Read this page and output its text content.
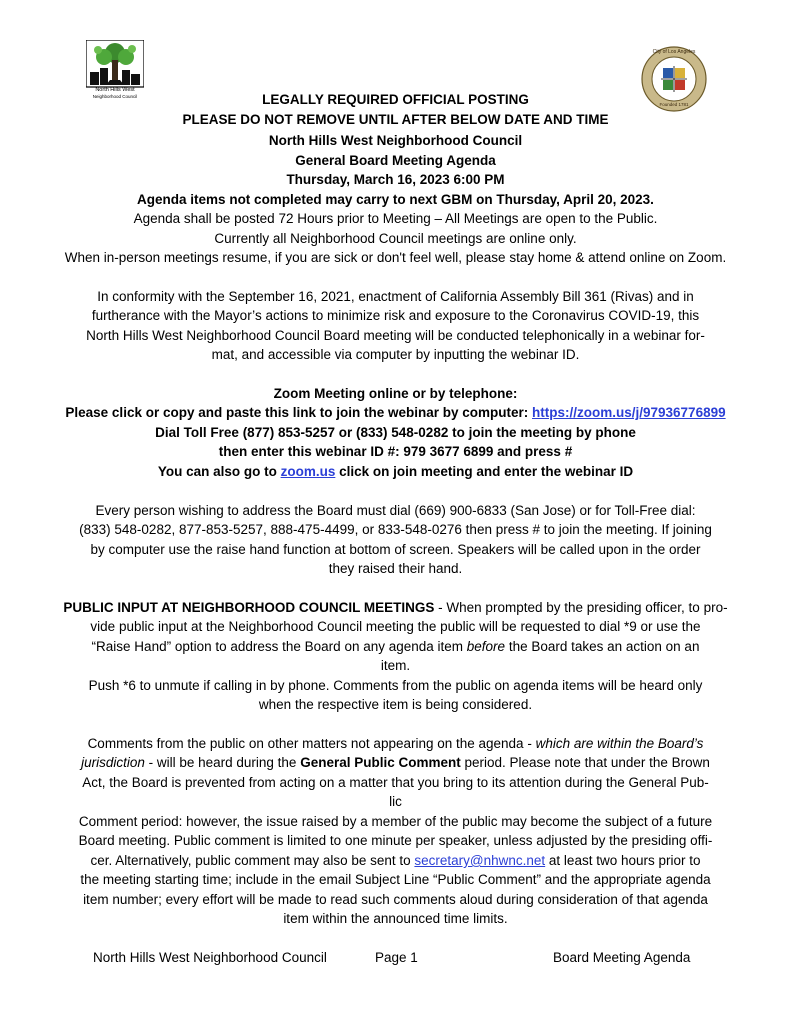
North Hills West
Neighborhood Council
City of Los Angeles
Founded 1781
LEGALLY REQUIRED OFFICIAL POSTING
PLEASE DO NOT REMOVE UNTIL AFTER BELOW DATE AND TIME
North Hills West Neighborhood Council
General Board Meeting Agenda
Thursday, March 16, 2023 6:00 PM
Agenda items not completed may carry to next GBM on Thursday, April 20, 2023.
Agenda shall be posted 72 Hours prior to Meeting – All Meetings are open to the Public.
Currently all Neighborhood Council meetings are online only.
When in-person meetings resume, if you are sick or don't feel well, please stay home & attend online on Zoom.
In conformity with the September 16, 2021, enactment of California Assembly Bill 361 (Rivas) and in
furtherance with the Mayor’s actions to minimize risk and exposure to the Coronavirus COVID-19, this
North Hills West Neighborhood Council Board meeting will be conducted telephonically in a webinar for-
mat, and accessible via computer by inputting the webinar ID.
Zoom Meeting online or by telephone:
Please click or copy and paste this link to join the webinar by computer: https://zoom.us/j/97936776899
Dial Toll Free (877) 853-5257 or (833) 548-0282 to join the meeting by phone
then enter this webinar ID #: 979 3677 6899 and press #
You can also go to zoom.us click on join meeting and enter the webinar ID
Every person wishing to address the Board must dial (669) 900-6833 (San Jose) or for Toll-Free dial:
(833) 548-0282, 877-853-5257, 888-475-4499, or 833-548-0276 then press # to join the meeting. If joining
by computer use the raise hand function at bottom of screen. Speakers will be called upon in the order
they raised their hand.
PUBLIC INPUT AT NEIGHBORHOOD COUNCIL MEETINGS - When prompted by the presiding officer, to pro-
vide public input at the Neighborhood Council meeting the public will be requested to dial *9 or use the
“Raise Hand” option to address the Board on any agenda item before the Board takes an action on an
item.
Push *6 to unmute if calling in by phone. Comments from the public on agenda items will be heard only
when the respective item is being considered.
Comments from the public on other matters not appearing on the agenda - which are within the Board’s
jurisdiction - will be heard during the General Public Comment period. Please note that under the Brown
Act, the Board is prevented from acting on a matter that you bring to its attention during the General Pub-
lic
Comment period: however, the issue raised by a member of the public may become the subject of a future
Board meeting. Public comment is limited to one minute per speaker, unless adjusted by the presiding offi-
cer. Alternatively, public comment may also be sent to secretary@nhwnc.net at least two hours prior to
the meeting starting time; include in the email Subject Line “Public Comment” and the appropriate agenda
item number; every effort will be made to read such comments aloud during consideration of that agenda
item within the announced time limits.
North Hills West Neighborhood Council	Page 1	Board Meeting Agenda
